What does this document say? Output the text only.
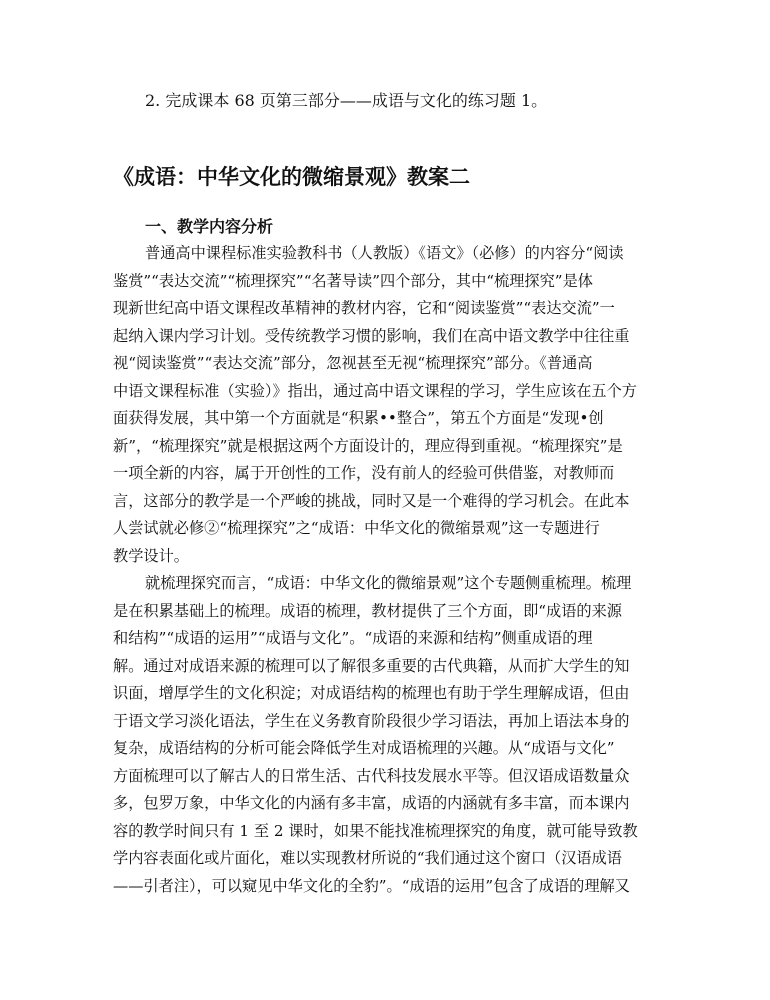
2. 完成课本 68 页第三部分——成语与文化的练习题 1。
《成语：中华文化的微缩景观》教案二
一、教学内容分析
普通高中课程标准实验教科书（人教版）《语文》（必修）的内容分“阅读
鉴赏”“表达交流”“梳理探究”“名著导读”四个部分，其中“梳理探究”是体
现新世纪高中语文课程改革精神的教材内容，它和“阅读鉴赏”“表达交流”一
起纳入课内学习计划。受传统教学习惯的影响，我们在高中语文教学中往往重
视“阅读鉴赏”“表达交流”部分，忽视甚至无视“梳理探究”部分。《普通高
中语文课程标准（实验）》指出，通过高中语文课程的学习，学生应该在五个方
面获得发展，其中第一个方面就是“积累••整合”，第五个方面是“发现•创
新”，“梳理探究”就是根据这两个方面设计的，理应得到重视。“梳理探究”是
一项全新的内容，属于开创性的工作，没有前人的经验可供借鉴，对教师而
言，这部分的教学是一个严峻的挑战，同时又是一个难得的学习机会。在此本
人尝试就必修②“梳理探究”之“成语：中华文化的微缩景观”这一专题进行
教学设计。
就梳理探究而言，“成语：中华文化的微缩景观”这个专题侧重梳理。梳理
是在积累基础上的梳理。成语的梳理，教材提供了三个方面，即“成语的来源
和结构”“成语的运用”“成语与文化”。“成语的来源和结构”侧重成语的理
解。通过对成语来源的梳理可以了解很多重要的古代典籍，从而扩大学生的知
识面，增厚学生的文化积淀；对成语结构的梳理也有助于学生理解成语，但由
于语文学习淡化语法，学生在义务教育阶段很少学习语法，再加上语法本身的
复杂，成语结构的分析可能会降低学生对成语梳理的兴趣。从“成语与文化”
方面梳理可以了解古人的日常生活、古代科技发展水平等。但汉语成语数量众
多，包罗万象，中华文化的内涵有多丰富，成语的内涵就有多丰富，而本课内
容的教学时间只有 1 至 2 课时，如果不能找准梳理探究的角度，就可能导致教
学内容表面化或片面化，难以实现教材所说的“我们通过这个窗口（汉语成语
——引者注），可以窥见中华文化的全豹”。“成语的运用”包含了成语的理解又
